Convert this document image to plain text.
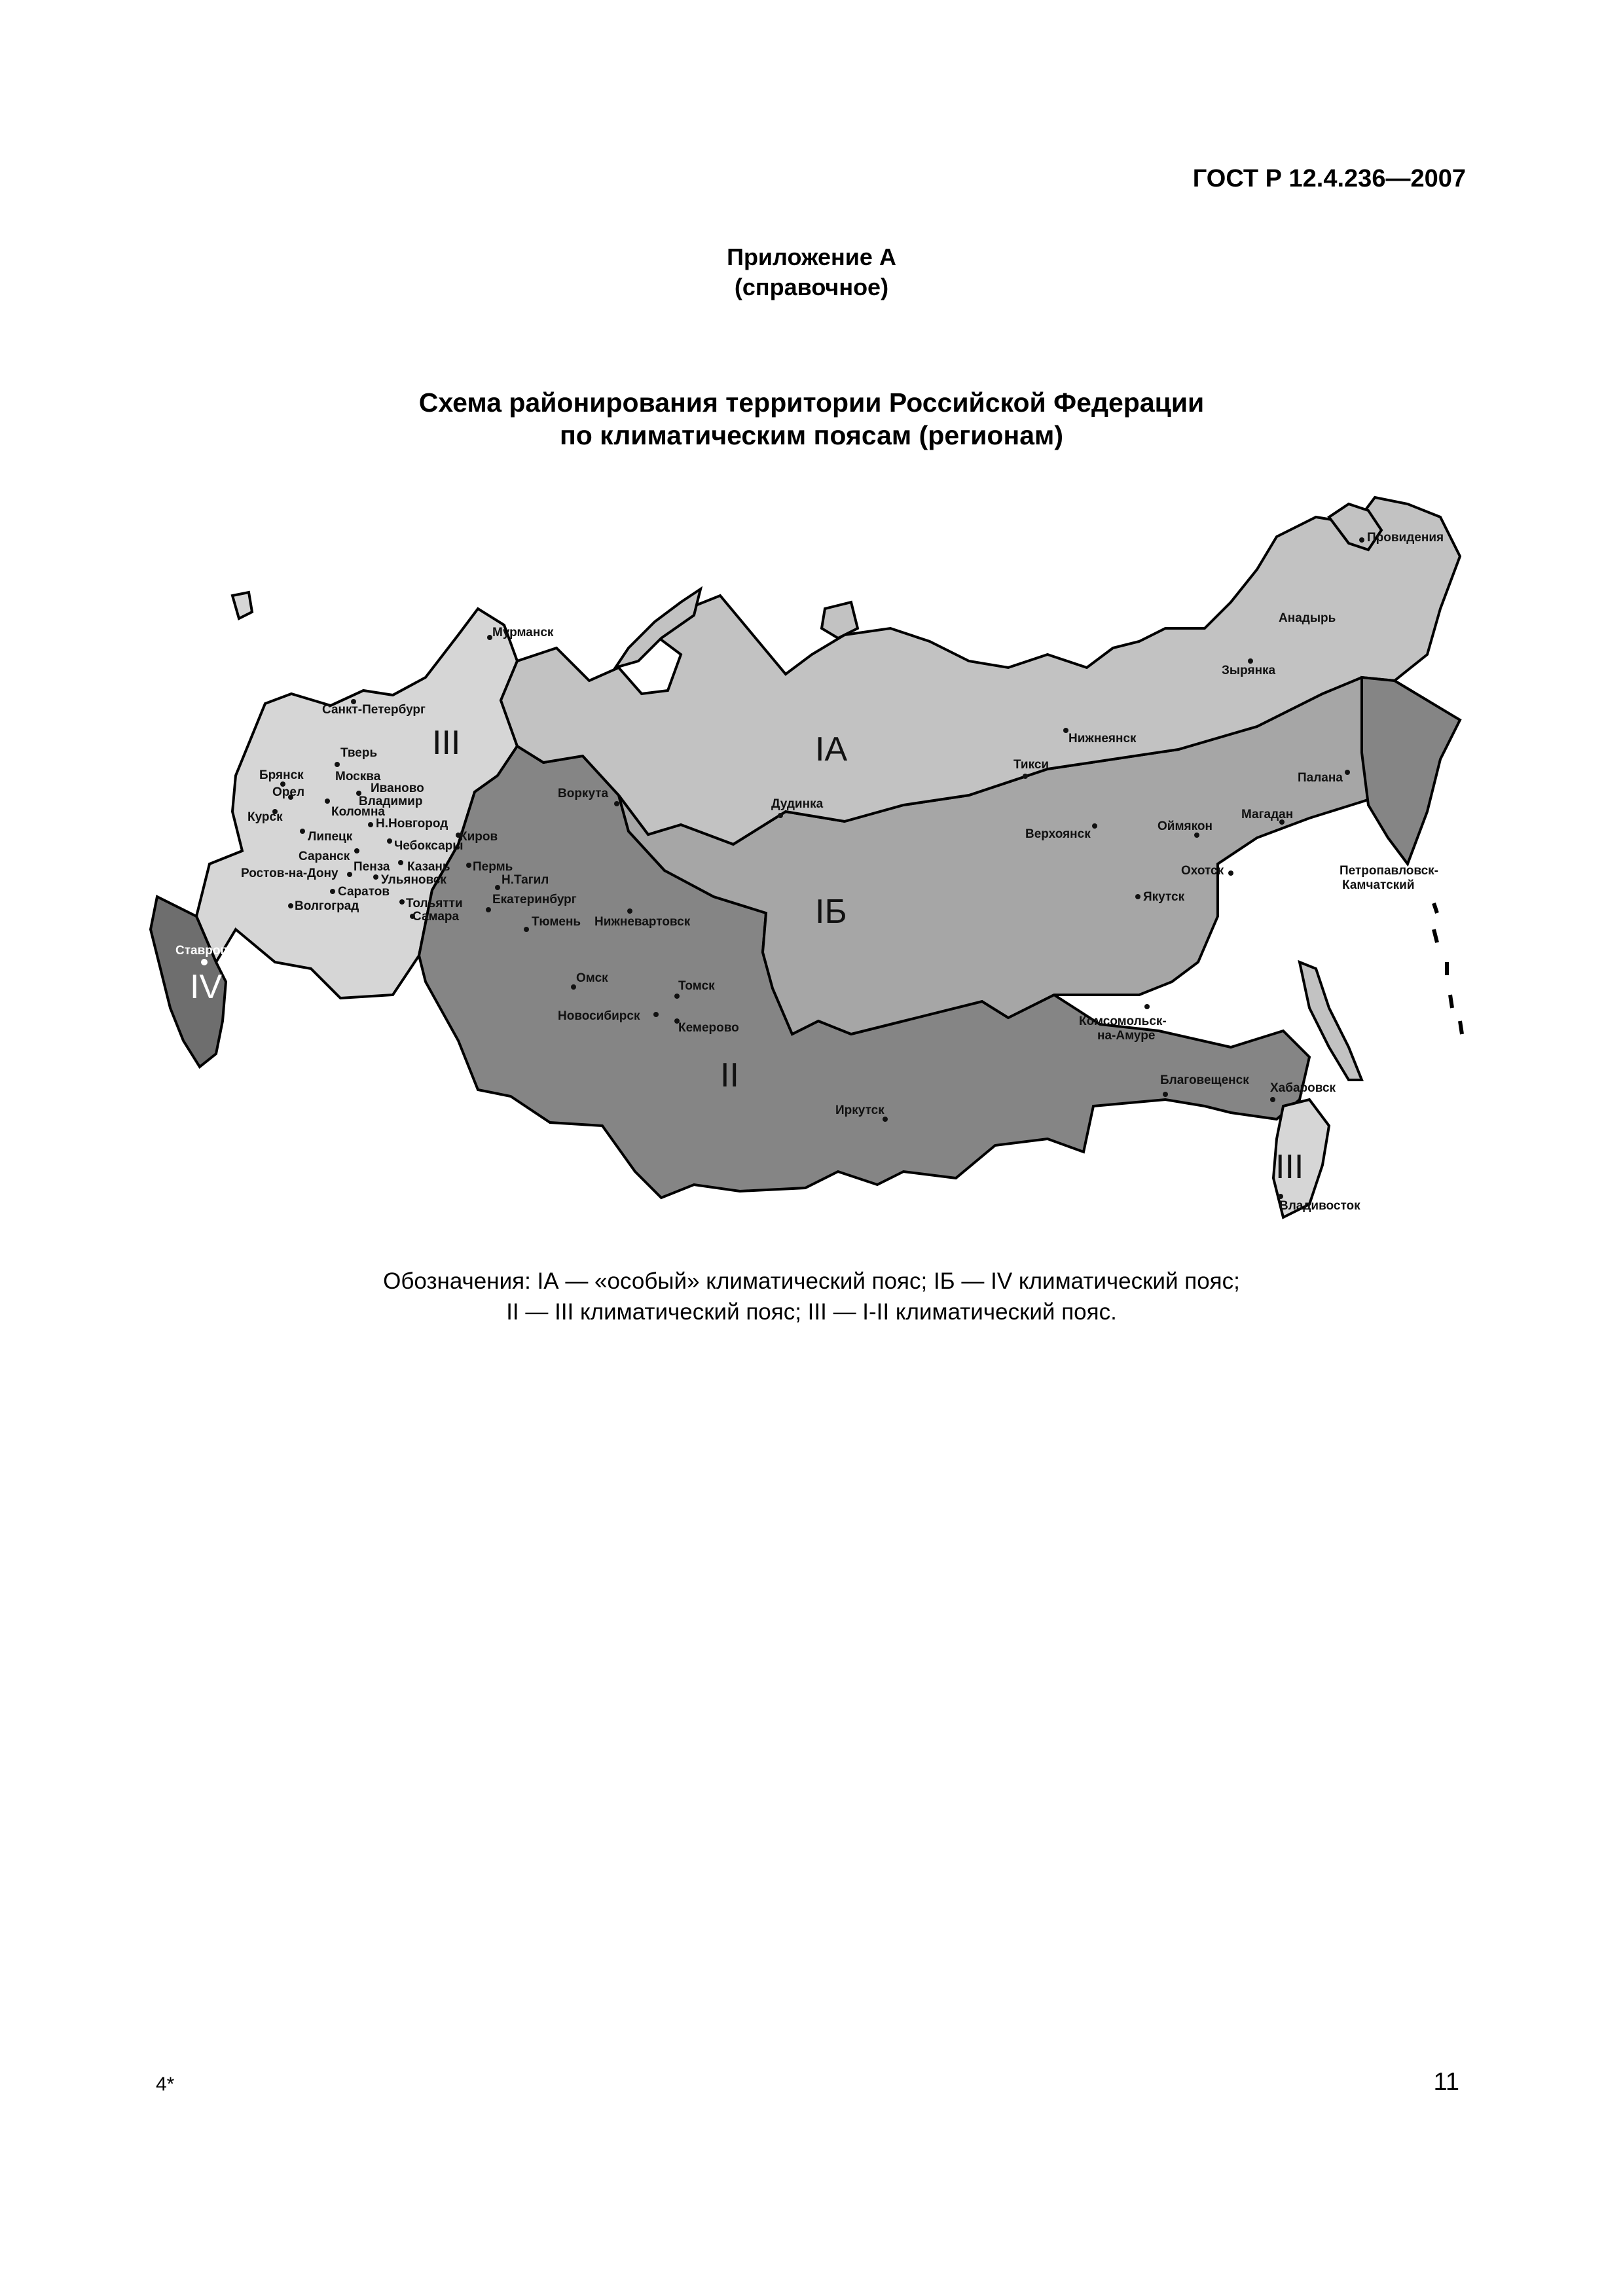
ГОСТ Р 12.4.236—2007
Приложение А
(справочное)
Схема районирования территории Российской Федерации
по климатическим поясам (регионам)
III	IА
IБ
II
III
IV
Провидения
Анадырь
Зырянка
Мурманск
Санкт-Петербург
Тверь
Брянск	Москва
Иваново
Орел
Владимир
Коломна
Курск	Н.Новгород
Киров
Липецк
Чебоксары
Саранск
Пенза Казань Пермь
Ростов-на-Дону	Ульяновск	Н.Тагил
Саратов
Тольятти Екатеринбург
Волгоград
Самара	Тюмень Нижневартовск
Ставрополь
Воркута
Дудинка
Тикси
Нижнеянск
Палана
Магадан
Верхоянск
Оймякон
Охотск	Петропавловск-
Камчатский
Якутск
Омск
Томск
Новосибирск
Кемерово	Комсомольск-
на-Амуре
Иркутск
Благовещенск
Хабаровск
Владивосток
Обозначения: IА — «особый» климатический пояс; IБ — IV климатический пояс;
II — III климатический пояс; III — I-II климатический пояс.
4*	11
